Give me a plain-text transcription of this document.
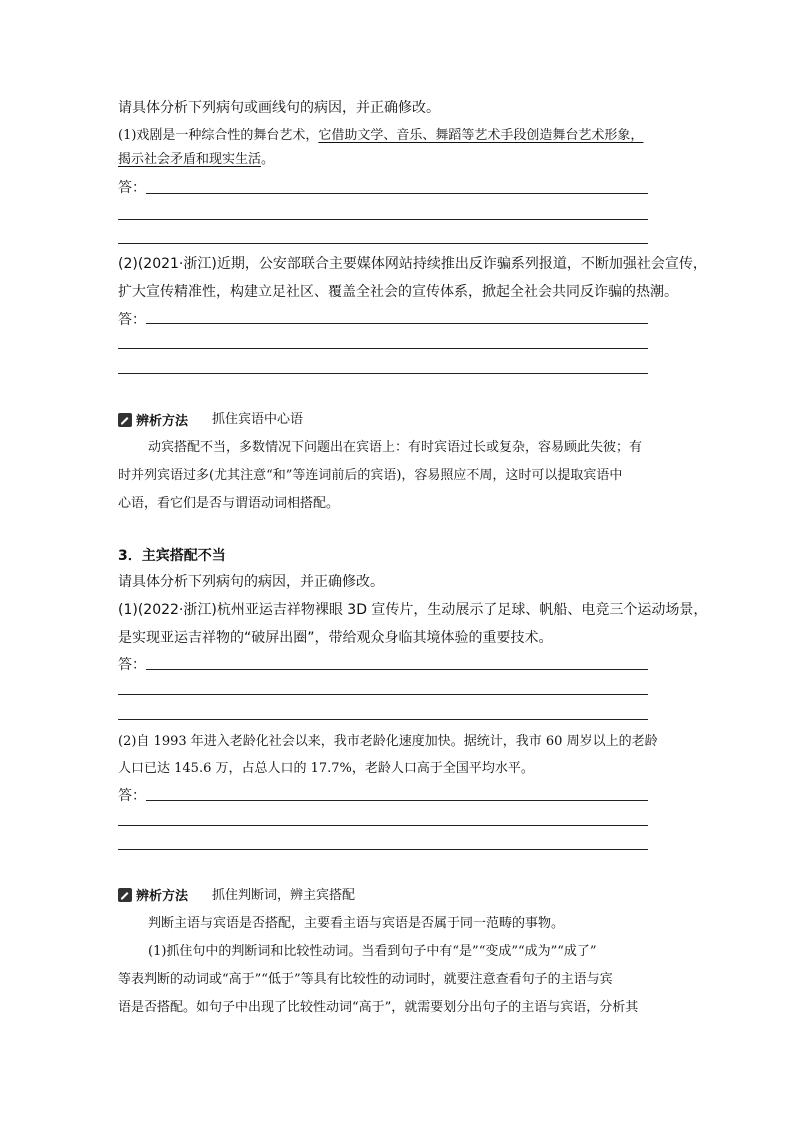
请具体分析下列病句或画线句的病因，并正确修改。
(1)戏剧是一种综合性的舞台艺术，它借助文学、音乐、舞蹈等艺术手段创造舞台艺术形象，
揭示社会矛盾和现实生活。
答：
(2)(2021·浙江)近期，公安部联合主要媒体网站持续推出反诈骗系列报道，不断加强社会宣传，
扩大宣传精准性，构建立足社区、覆盖全社会的宣传体系，掀起全社会共同反诈骗的热潮。
答：
辨析方法 抓住宾语中心语
动宾搭配不当，多数情况下问题出在宾语上：有时宾语过长或复杂，容易顾此失彼；有
时并列宾语过多(尤其注意“和”等连词前后的宾语)，容易照应不周，这时可以提取宾语中
心语，看它们是否与谓语动词相搭配。
3．主宾搭配不当
请具体分析下列病句的病因，并正确修改。
(1)(2022·浙江)杭州亚运吉祥物裸眼 3D 宣传片，生动展示了足球、帆船、电竞三个运动场景，
是实现亚运吉祥物的“破屏出圈”，带给观众身临其境体验的重要技术。
答：
(2)自 1993 年进入老龄化社会以来，我市老龄化速度加快。据统计，我市 60 周岁以上的老龄
人口已达 145.6 万，占总人口的 17.7%，老龄人口高于全国平均水平。
答：
辨析方法 抓住判断词，辨主宾搭配
判断主语与宾语是否搭配，主要看主语与宾语是否属于同一范畴的事物。
(1)抓住句中的判断词和比较性动词。当看到句子中有“是”“变成”“成为”“成了”
等表判断的动词或“高于”“低于”等具有比较性的动词时，就要注意查看句子的主语与宾
语是否搭配。如句子中出现了比较性动词“高于”，就需要划分出句子的主语与宾语，分析其
